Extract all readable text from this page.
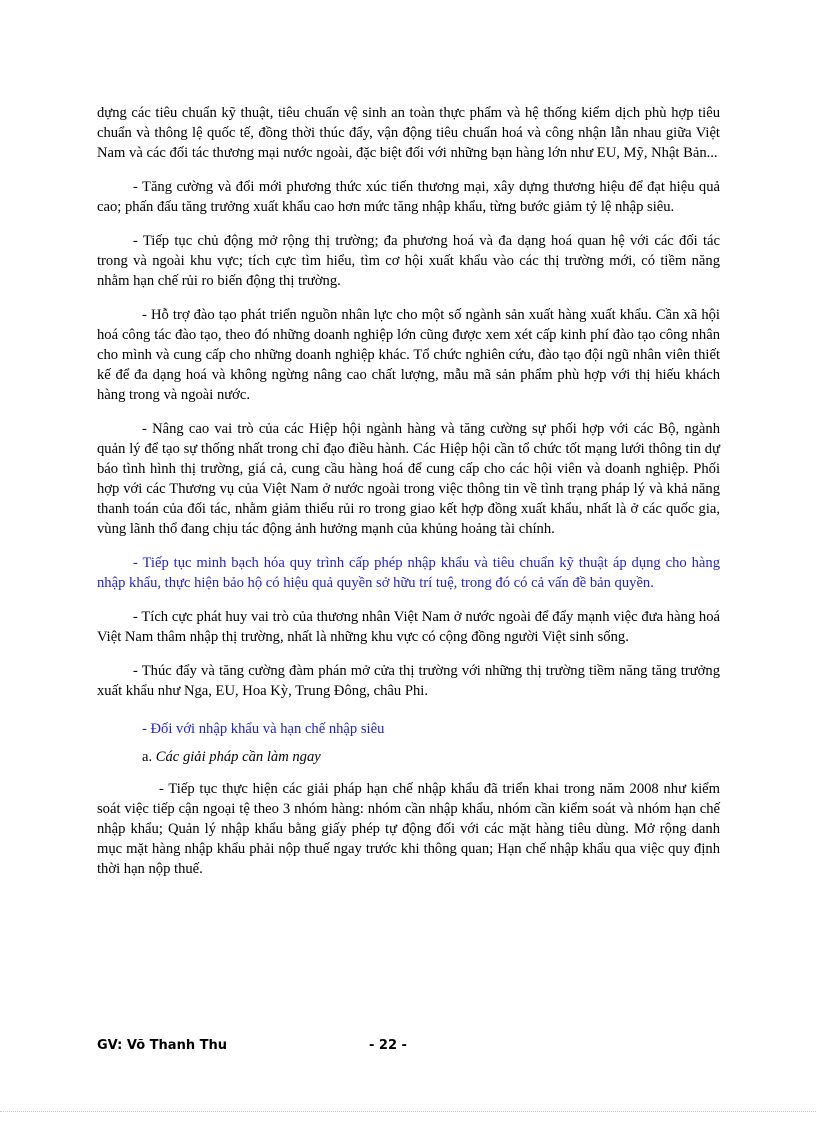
dựng các tiêu chuẩn kỹ thuật, tiêu chuẩn vệ sinh an toàn thực phẩm và hệ thống kiểm dịch phù hợp tiêu chuẩn và thông lệ quốc tế, đồng thời thúc đẩy, vận động tiêu chuẩn hoá và công nhận lẫn nhau giữa Việt Nam và các đối tác thương mại nước ngoài, đặc biệt đối với những bạn hàng lớn như EU, Mỹ, Nhật Bản...

- Tăng cường và đổi mới phương thức xúc tiến thương mại, xây dựng thương hiệu để đạt hiệu quả cao; phấn đấu tăng trưởng xuất khẩu cao hơn mức tăng nhập khẩu, từng bước giảm tỷ lệ nhập siêu.

- Tiếp tục chủ động mở rộng thị trường; đa phương hoá và đa dạng hoá quan hệ với các đối tác trong và ngoài khu vực; tích cực tìm hiểu, tìm cơ hội xuất khẩu vào các thị trường mới, có tiềm năng nhằm hạn chế rủi ro biến động thị trường.

- Hỗ trợ đào tạo phát triển nguồn nhân lực cho một số ngành sản xuất hàng xuất khẩu. Cần xã hội hoá công tác đào tạo, theo đó những doanh nghiệp lớn cũng được xem xét cấp kinh phí đào tạo công nhân cho mình và cung cấp cho những doanh nghiệp khác. Tổ chức nghiên cứu, đào tạo đội ngũ nhân viên thiết kế để đa dạng hoá và không ngừng nâng cao chất lượng, mẫu mã sản phẩm phù hợp với thị hiếu khách hàng trong và ngoài nước.

- Nâng cao vai trò của các Hiệp hội ngành hàng và tăng cường sự phối hợp với các Bộ, ngành quản lý để tạo sự thống nhất trong chỉ đạo điều hành. Các Hiệp hội cần tổ chức tốt mạng lưới thông tin dự báo tình hình thị trường, giá cả, cung cầu hàng hoá để cung cấp cho các hội viên và doanh nghiệp. Phối hợp với các Thương vụ của Việt Nam ở nước ngoài trong việc thông tin về tình trạng pháp lý và khả năng thanh toán của đối tác, nhằm giảm thiểu rủi ro trong giao kết hợp đồng xuất khẩu, nhất là ở các quốc gia, vùng lãnh thổ đang chịu tác động ảnh hưởng mạnh của khủng hoảng tài chính.

- Tiếp tục minh bạch hóa quy trình cấp phép nhập khẩu và tiêu chuẩn kỹ thuật áp dụng cho hàng nhập khẩu, thực hiện bảo hộ có hiệu quả quyền sở hữu trí tuệ, trong đó có cả vấn đề bản quyền.

- Tích cực phát huy vai trò của thương nhân Việt Nam ở nước ngoài để đẩy mạnh việc đưa hàng hoá Việt Nam thâm nhập thị trường, nhất là những khu vực có cộng đồng người Việt sinh sống.

- Thúc đẩy và tăng cường đàm phán mở cửa thị trường với những thị trường tiềm năng tăng trưởng xuất khẩu như Nga, EU, Hoa Kỳ, Trung Đông, châu Phi.

- Đối với nhập khẩu và hạn chế nhập siêu

a. Các giải pháp cần làm ngay

- Tiếp tục thực hiện các giải pháp hạn chế nhập khẩu đã triển khai trong năm 2008 như kiểm soát việc tiếp cận ngoại tệ theo 3 nhóm hàng: nhóm cần nhập khẩu, nhóm cần kiểm soát và nhóm hạn chế nhập khẩu; Quản lý nhập khẩu bằng giấy phép tự động đối với các mặt hàng tiêu dùng. Mở rộng danh mục mặt hàng nhập khẩu phải nộp thuế ngay trước khi thông quan; Hạn chế nhập khẩu qua việc quy định thời hạn nộp thuế.

GV: Võ Thanh Thu	- 22 -
